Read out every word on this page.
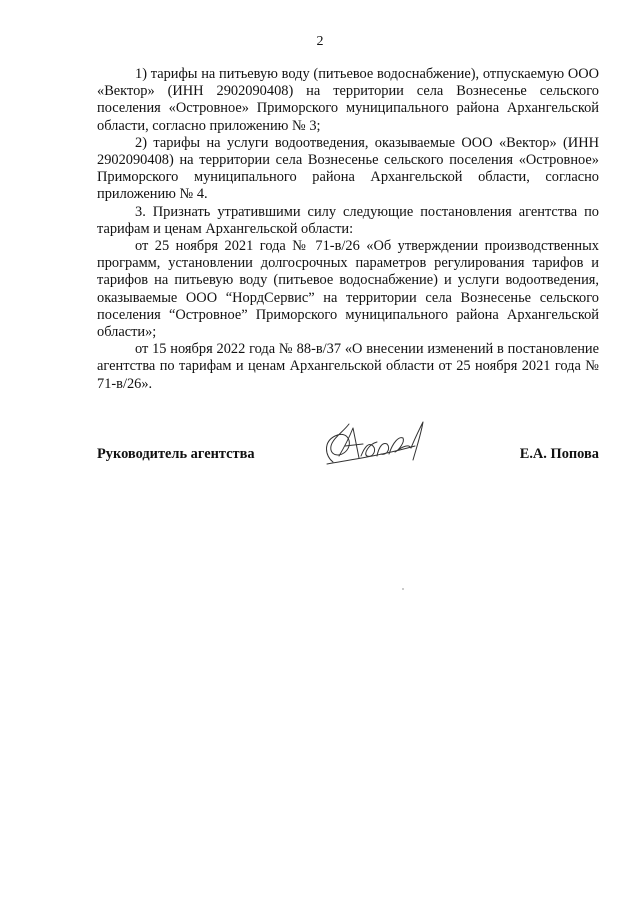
2

1) тарифы на питьевую воду (питьевое водоснабжение), отпускаемую ООО «Вектор» (ИНН 2902090408) на территории села Вознесенье сельского поселения «Островное» Приморского муниципального района Архангельской области, согласно приложению № 3;

2) тарифы на услуги водоотведения, оказываемые ООО «Вектор» (ИНН 2902090408) на территории села Вознесенье сельского поселения «Островное» Приморского муниципального района Архангельской области, согласно приложению № 4.

3. Признать утратившими силу следующие постановления агентства по тарифам и ценам Архангельской области:

от 25 ноября 2021 года № 71-в/26 «Об утверждении производственных программ, установлении долгосрочных параметров регулирования тарифов и тарифов на питьевую воду (питьевое водоснабжение) и услуги водоотведения, оказываемые ООО “НордСервис” на территории села Вознесенье сельского поселения “Островное” Приморского муниципального района Архангельской области»;

от 15 ноября 2022 года № 88-в/37 «О внесении изменений в постановление агентства по тарифам и ценам Архангельской области от 25 ноября 2021 года № 71-в/26».

Руководитель агентства	Е.А. Попова
